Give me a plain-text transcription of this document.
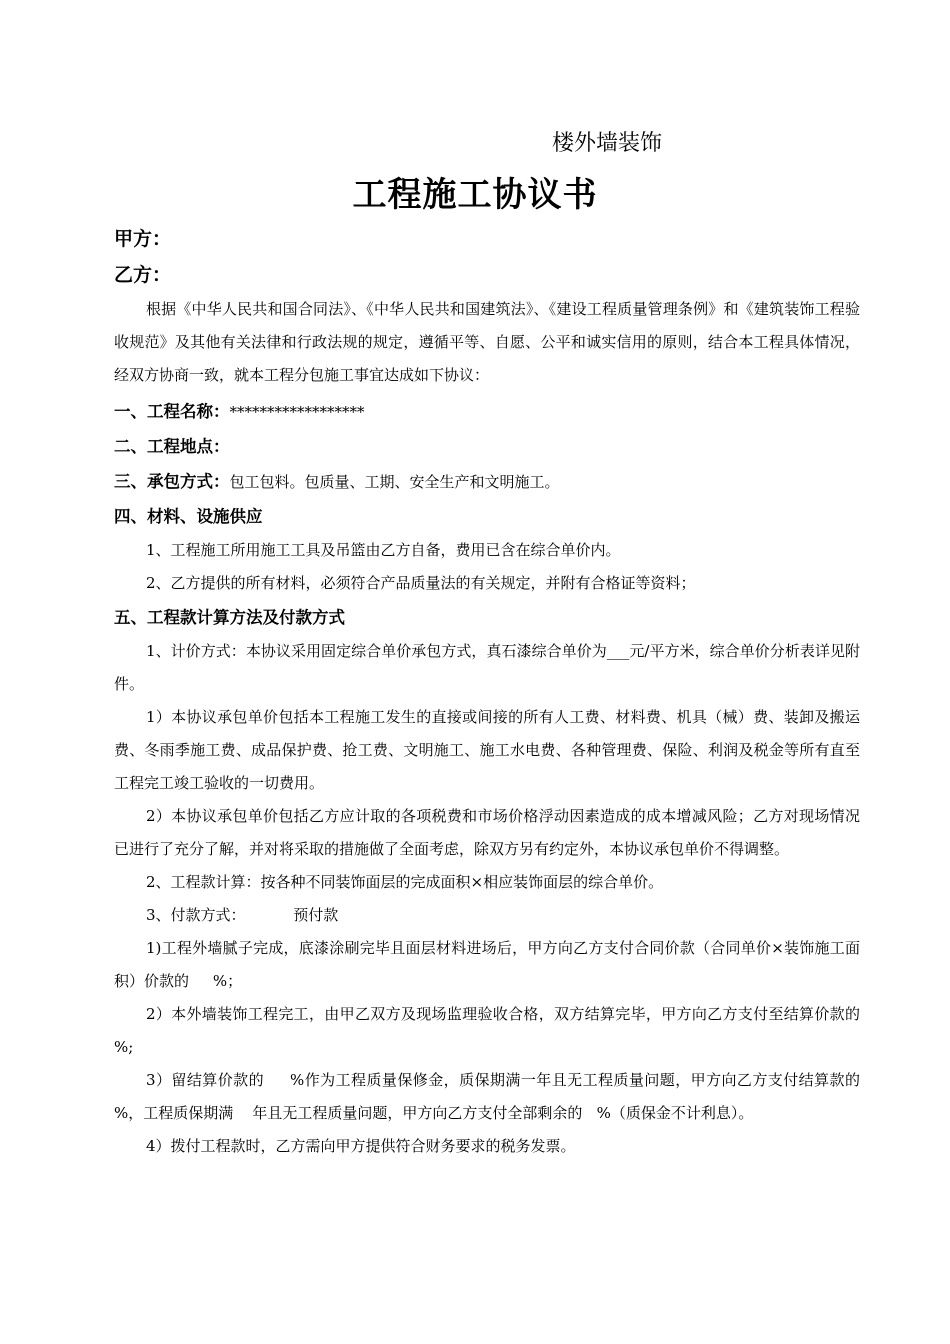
楼外墙装饰
工程施工协议书
甲方：
乙方：
根据《中华人民共和国合同法》、《中华人民共和国建筑法》、《建设工程质量管理条例》和《建筑装饰工程验收规范》及其他有关法律和行政法规的规定，遵循平等、自愿、公平和诚实信用的原则，结合本工程具体情况，经双方协商一致，就本工程分包施工事宜达成如下协议：
一、工程名称：******************
二、工程地点：
三、承包方式：包工包料。包质量、工期、安全生产和文明施工。
四、材料、设施供应
1、工程施工所用施工工具及吊篮由乙方自备，费用已含在综合单价内。
2、乙方提供的所有材料，必须符合产品质量法的有关规定，并附有合格证等资料；
五、工程款计算方法及付款方式
1、计价方式：本协议采用固定综合单价承包方式，真石漆综合单价为___元/平方米，综合单价分析表详见附件。
1）本协议承包单价包括本工程施工发生的直接或间接的所有人工费、材料费、机具（械）费、装卸及搬运费、冬雨季施工费、成品保护费、抢工费、文明施工、施工水电费、各种管理费、保险、利润及税金等所有直至工程完工竣工验收的一切费用。
2）本协议承包单价包括乙方应计取的各项税费和市场价格浮动因素造成的成本增减风险；乙方对现场情况已进行了充分了解，并对将采取的措施做了全面考虑，除双方另有约定外，本协议承包单价不得调整。
2、工程款计算：按各种不同装饰面层的完成面积×相应装饰面层的综合单价。
3、付款方式：          预付款
1)工程外墙腻子完成，底漆涂刷完毕且面层材料进场后，甲方向乙方支付合同价款（合同单价×装饰施工面积）价款的     %；
2）本外墙装饰工程完工，由甲乙双方及现场监理验收合格，双方结算完毕，甲方向乙方支付至结算价款的     %;
3）留结算价款的     %作为工程质量保修金，质保期满一年且无工程质量问题，甲方向乙方支付结算款的     %，工程质保期满    年且无工程质量问题，甲方向乙方支付全部剩余的   %（质保金不计利息）。
4）拨付工程款时，乙方需向甲方提供符合财务要求的税务发票。
